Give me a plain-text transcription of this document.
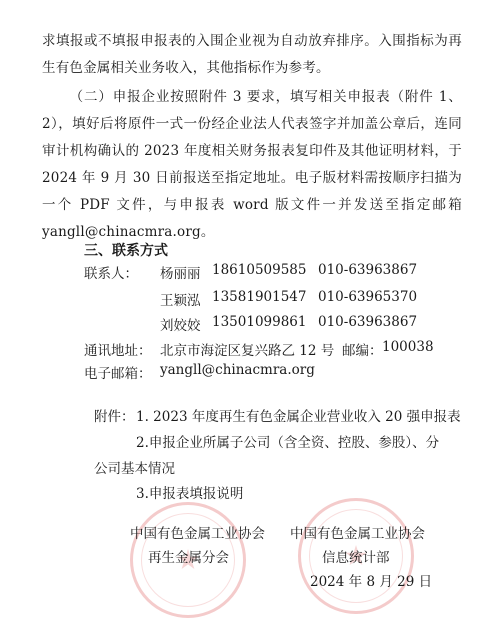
求填报或不填报申报表的入围企业视为自动放弃排序。入围指标为再生有色金属相关业务收入，其他指标作为参考。

（二）申报企业按照附件 3 要求，填写相关申报表（附件 1、2），填好后将原件一式一份经企业法人代表签字并加盖公章后，连同审计机构确认的 2023 年度相关财务报表复印件及其他证明材料，于 2024 年 9 月 30 日前报送至指定地址。电子版材料需按顺序扫描为一个 PDF 文件，与申报表 word 版文件一并发送至指定邮箱 yangll@chinacmra.org。

三、联系方式
联系人： 杨丽丽 18610509585 010-63963867
王颖泓 13581901547 010-63965370
刘姣姣 13501099861 010-63963867
通讯地址： 北京市海淀区复兴路乙 12 号 邮编： 100038
电子邮箱： yangll@chinacmra.org
附件： 1. 2023 年度再生有色金属企业营业收入 20 强申报表
2.申报企业所属子公司（含全资、控股、参股）、分
公司基本情况
3.申报表填报说明
中国有色金属工业协会
再生金属分会
中国有色金属工业协会
信息统计部
2024 年 8 月 29 日
